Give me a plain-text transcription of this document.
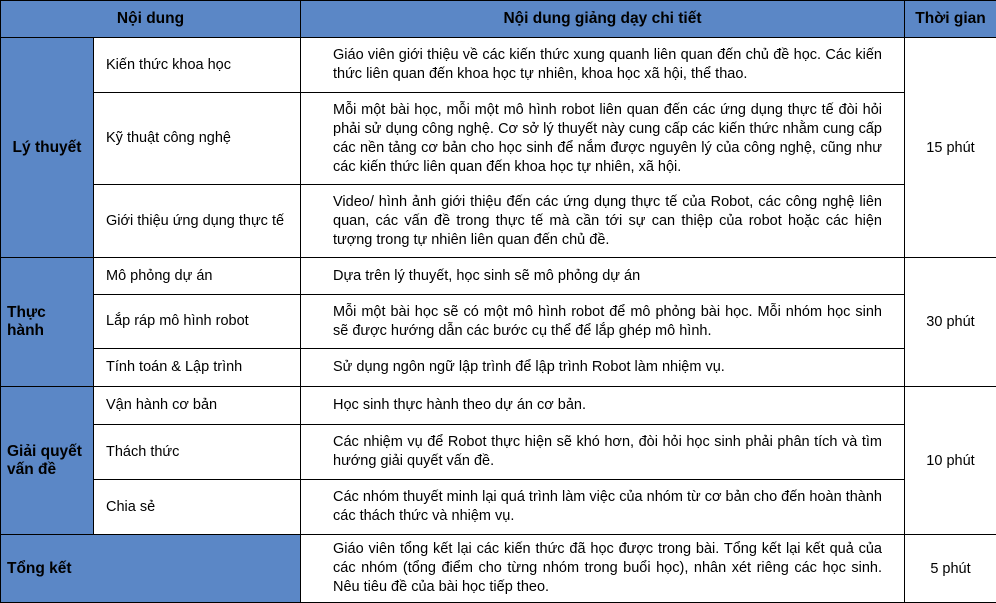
Nội dung		Nội dung giảng dạy chi tiết	Thời gian
Lý thuyết	Kiến thức khoa học	Giáo viên giới thiệu về các kiến thức xung quanh liên quan đến chủ đề học. Các kiến thức liên quan đến khoa học tự nhiên, khoa học xã hội, thể thao.	15 phút
	Kỹ thuật công nghệ	Mỗi một bài học, mỗi một mô hình robot liên quan đến các ứng dụng thực tế đòi hỏi phải sử dụng công nghệ. Cơ sở lý thuyết này cung cấp các kiến thức nhằm cung cấp các nền tảng cơ bản cho học sinh để nắm được nguyên lý của công nghệ, cũng như các kiến thức liên quan đến khoa học tự nhiên, xã hội.	
	Giới thiệu ứng dụng thực tế	Video/ hình ảnh giới thiệu đến các ứng dụng thực tế của Robot, các công nghệ liên quan, các vấn đề trong thực tế mà cần tới sự can thiệp của robot hoặc các hiện tượng trong tự nhiên liên quan đến chủ đề.	
Thực hành	Mô phỏng dự án	Dựa trên lý thuyết, học sinh sẽ mô phỏng dự án	30 phút
	Lắp ráp mô hình robot	Mỗi một bài học sẽ có một mô hình robot để mô phỏng bài học. Mỗi nhóm học sinh sẽ được hướng dẫn các bước cụ thể để lắp ghép mô hình.	
	Tính toán & Lập trình	Sử dụng ngôn ngữ lập trình để lập trình Robot làm nhiệm vụ.	
Giải quyết vấn đề	Vận hành cơ bản	Học sinh thực hành theo dự án cơ bản.	10 phút
	Thách thức	Các nhiệm vụ để Robot thực hiện sẽ khó hơn, đòi hỏi học sinh phải phân tích và tìm hướng giải quyết vấn đề.	
	Chia sẻ	Các nhóm thuyết minh lại quá trình làm việc của nhóm từ cơ bản cho đến hoàn thành các thách thức và nhiệm vụ.	
Tổng kết		Giáo viên tổng kết lại các kiến thức đã học được trong bài. Tổng kết lại kết quả của các nhóm (tổng điểm cho từng nhóm trong buổi học), nhân xét riêng các học sinh. Nêu tiêu đề của bài học tiếp theo.	5 phút
